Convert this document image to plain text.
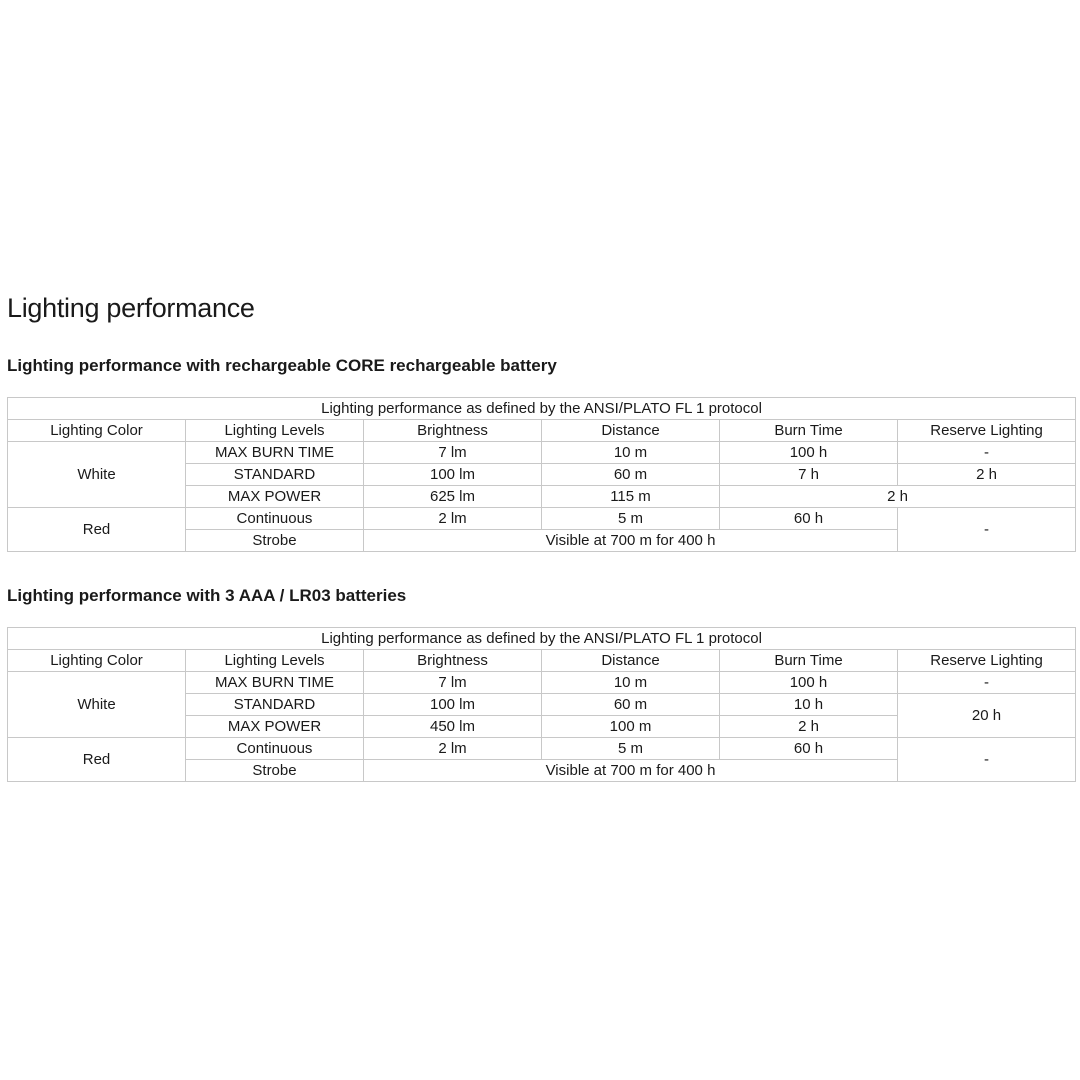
Lighting performance
Lighting performance with rechargeable CORE rechargeable battery
Lighting performance as defined by the ANSI/PLATO FL 1 protocol					
Lighting Color	Lighting Levels	Brightness	Distance	Burn Time	Reserve Lighting
White	MAX BURN TIME	7 lm	10 m	100 h	-
	STANDARD	100 lm	60 m	7 h	2 h
	MAX POWER	625 lm	115 m	2 h	
Red	Continuous	2 lm	5 m	60 h	-
	Strobe	Visible at 700 m for 400 h			
Lighting performance with 3 AAA / LR03 batteries
Lighting performance as defined by the ANSI/PLATO FL 1 protocol					
Lighting Color	Lighting Levels	Brightness	Distance	Burn Time	Reserve Lighting
White	MAX BURN TIME	7 lm	10 m	100 h	-
	STANDARD	100 lm	60 m	10 h	20 h
	MAX POWER	450 lm	100 m	2 h	
Red	Continuous	2 lm	5 m	60 h	-
	Strobe	Visible at 700 m for 400 h			
